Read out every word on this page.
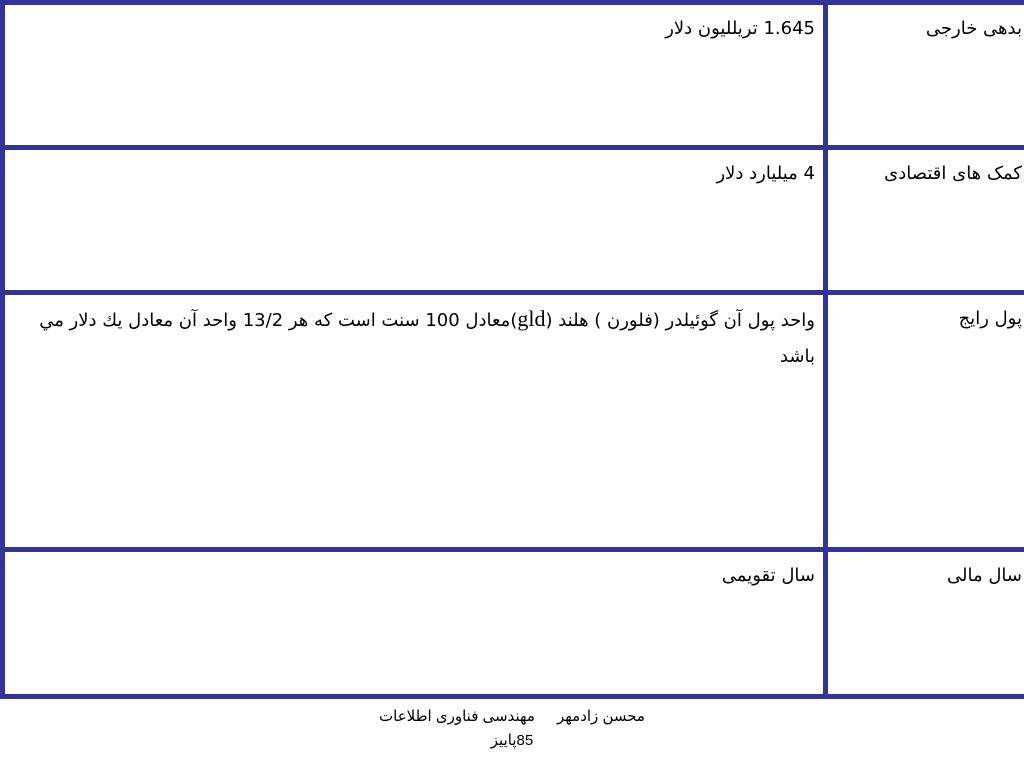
بدهی خارجی	1.645 تريلليون دلار
کمک های اقتصادی	4 ميليارد دلار
پول رايج	واحد پول آن گوئيلدر (فلورن ) هلند (gld)معادل 100 سنت است که هر 13/2 واحد آن معادل يك دلار مي باشد
سال مالی	سال تقویمی
محسن زادمهرمهندسی فناوری اطلاعات
85پاییز
